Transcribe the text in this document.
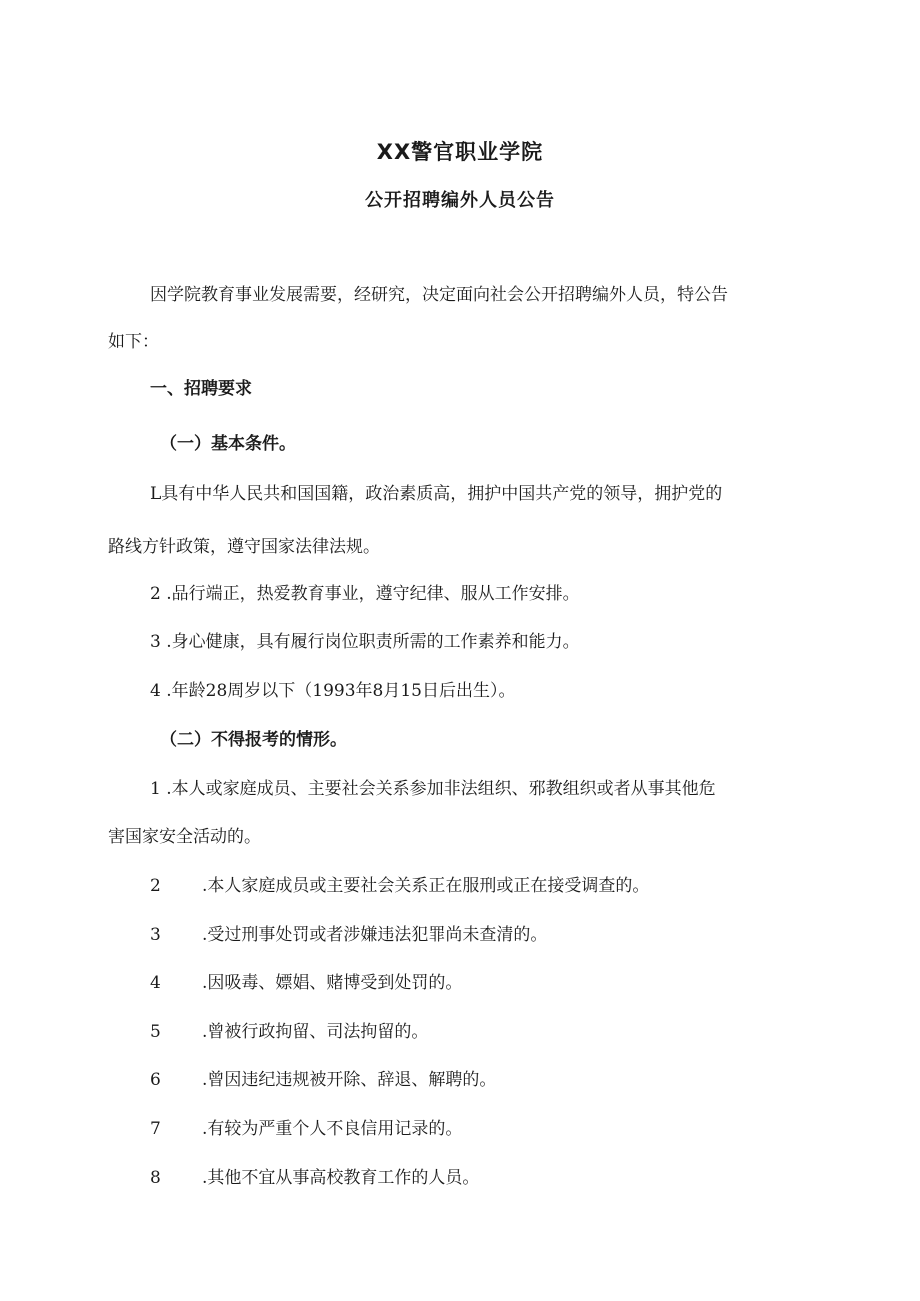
XX警官职业学院
公开招聘编外人员公告
因学院教育事业发展需要，经研究，决定面向社会公开招聘编外人员，特公告
如下：
一、招聘要求
（一）基本条件。
L具有中华人民共和国国籍，政治素质高，拥护中国共产党的领导，拥护党的
路线方针政策，遵守国家法律法规。
2 .品行端正，热爱教育事业，遵守纪律、服从工作安排。
3 .身心健康，具有履行岗位职责所需的工作素养和能力。
4 .年龄28周岁以下（1993年8月15日后出生）。
（二）不得报考的情形。
1 .本人或家庭成员、主要社会关系参加非法组织、邪教组织或者从事其他危
害国家安全活动的。
2 .本人家庭成员或主要社会关系正在服刑或正在接受调查的。
3 .受过刑事处罚或者涉嫌违法犯罪尚未查清的。
4 .因吸毒、嫖娼、赌博受到处罚的。
5 .曾被行政拘留、司法拘留的。
6 .曾因违纪违规被开除、辞退、解聘的。
7 .有较为严重个人不良信用记录的。
8 .其他不宜从事高校教育工作的人员。
